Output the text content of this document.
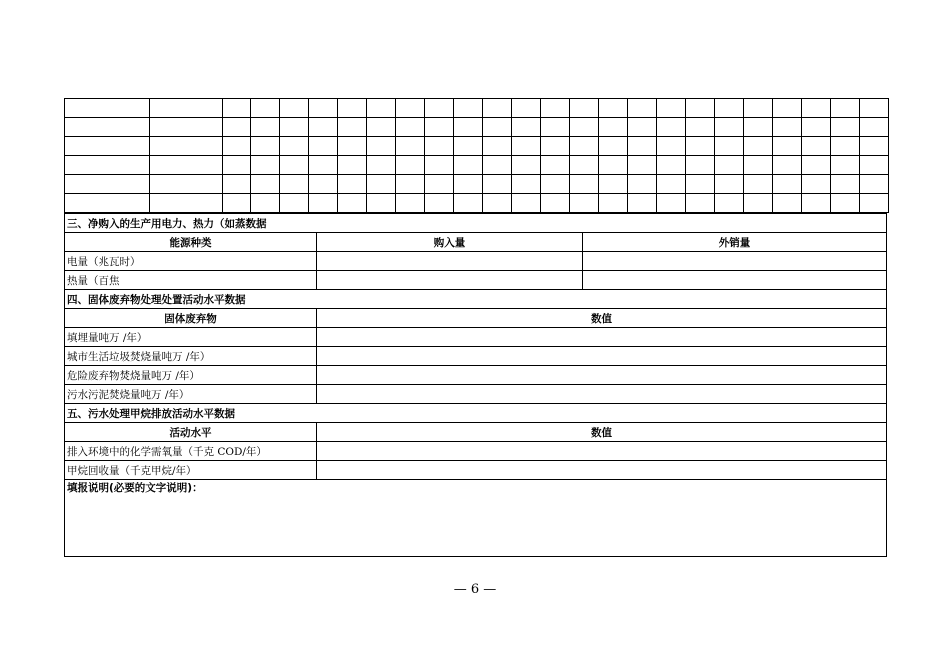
三、净购入的生产用电力、热力（如蒸数据		
能源种类	购入量	外销量
电量（兆瓦时）		
热量（百焦		
四、固体废弃物处理处置活动水平数据		
固体废弃物	数值	
填埋量吨万 /年）		
城市生活垃圾焚烧量吨万 /年）		
危险废弃物焚烧量吨万 /年）		
污水污泥焚烧量吨万 /年）		
五、污水处理甲烷排放活动水平数据		
活动水平	数值	
排入环境中的化学需氧量（千克 COD/年）		
甲烷回收量（千克甲烷/年）		
填报说明(必要的文字说明)：		
— 6 —
